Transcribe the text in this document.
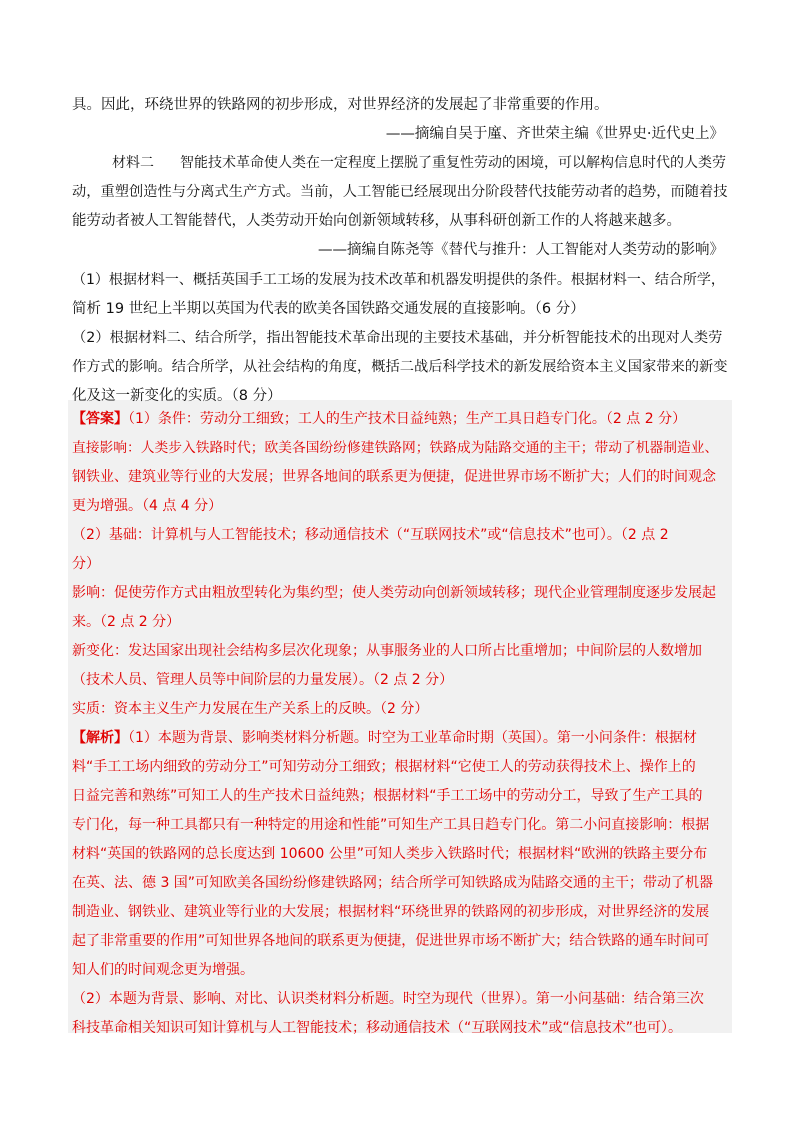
具。因此，环绕世界的铁路网的初步形成，对世界经济的发展起了非常重要的作用。
——摘编自吴于廑、齐世荣主编《世界史·近代史上》
材料二 智能技术革命使人类在一定程度上摆脱了重复性劳动的困境，可以解构信息时代的人类劳
动，重塑创造性与分离式生产方式。当前，人工智能已经展现出分阶段替代技能劳动者的趋势，而随着技
能劳动者被人工智能替代，人类劳动开始向创新领域转移，从事科研创新工作的人将越来越多。
——摘编自陈尧等《替代与推升：人工智能对人类劳动的影响》
（1）根据材料一、概括英国手工工场的发展为技术改革和机器发明提供的条件。根据材料一、结合所学，
简析 19 世纪上半期以英国为代表的欧美各国铁路交通发展的直接影响。（6 分）
（2）根据材料二、结合所学，指出智能技术革命出现的主要技术基础，并分析智能技术的出现对人类劳
作方式的影响。结合所学，从社会结构的角度，概括二战后科学技术的新发展给资本主义国家带来的新变
化及这一新变化的实质。（8 分）
【答案】（1）条件：劳动分工细致；工人的生产技术日益纯熟；生产工具日趋专门化。（2 点 2 分）
直接影响：人类步入铁路时代；欧美各国纷纷修建铁路网；铁路成为陆路交通的主干；带动了机器制造业、
钢铁业、建筑业等行业的大发展；世界各地间的联系更为便捷，促进世界市场不断扩大；人们的时间观念
更为增强。（4 点 4 分）
（2）基础：计算机与人工智能技术；移动通信技术（“互联网技术”或“信息技术”也可）。（2 点 2
分）
影响：促使劳作方式由粗放型转化为集约型；使人类劳动向创新领域转移；现代企业管理制度逐步发展起
来。（2 点 2 分）
新变化：发达国家出现社会结构多层次化现象；从事服务业的人口所占比重增加；中间阶层的人数增加
（技术人员、管理人员等中间阶层的力量发展）。（2 点 2 分）
实质：资本主义生产力发展在生产关系上的反映。（2 分）
【解析】（1）本题为背景、影响类材料分析题。时空为工业革命时期（英国）。第一小问条件：根据材
料“手工工场内细致的劳动分工”可知劳动分工细致；根据材料“它使工人的劳动获得技术上、操作上的
日益完善和熟练”可知工人的生产技术日益纯熟；根据材料“手工工场中的劳动分工，导致了生产工具的
专门化，每一种工具都只有一种特定的用途和性能”可知生产工具日趋专门化。第二小问直接影响：根据
材料“英国的铁路网的总长度达到 10600 公里”可知人类步入铁路时代；根据材料“欧洲的铁路主要分布
在英、法、德 3 国”可知欧美各国纷纷修建铁路网；结合所学可知铁路成为陆路交通的主干；带动了机器
制造业、钢铁业、建筑业等行业的大发展；根据材料“环绕世界的铁路网的初步形成，对世界经济的发展
起了非常重要的作用”可知世界各地间的联系更为便捷，促进世界市场不断扩大；结合铁路的通车时间可
知人们的时间观念更为增强。
（2）本题为背景、影响、对比、认识类材料分析题。时空为现代（世界）。第一小问基础：结合第三次
科技革命相关知识可知计算机与人工智能技术；移动通信技术（“互联网技术”或“信息技术”也可）。
